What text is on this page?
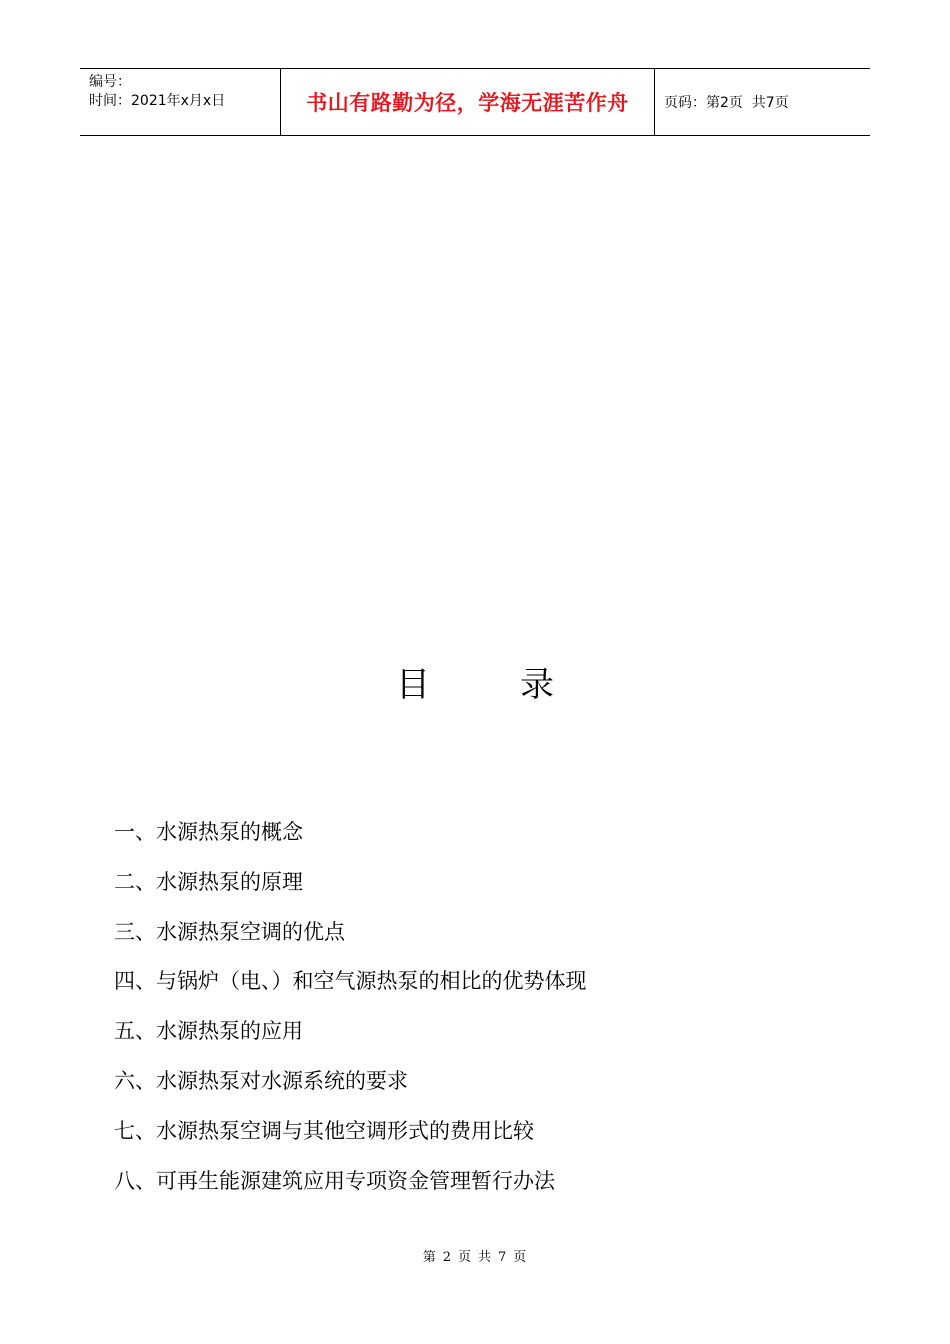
编号：
时间：2021年x月x日	书山有路勤为径，学海无涯苦作舟	页码：第2页  共7页
目	录
一、水源热泵的概念
二、水源热泵的原理
三、水源热泵空调的优点
四、与锅炉（电、）和空气源热泵的相比的优势体现
五、水源热泵的应用
六、水源热泵对水源系统的要求
七、水源热泵空调与其他空调形式的费用比较
八、可再生能源建筑应用专项资金管理暂行办法
第 2 页 共 7 页
